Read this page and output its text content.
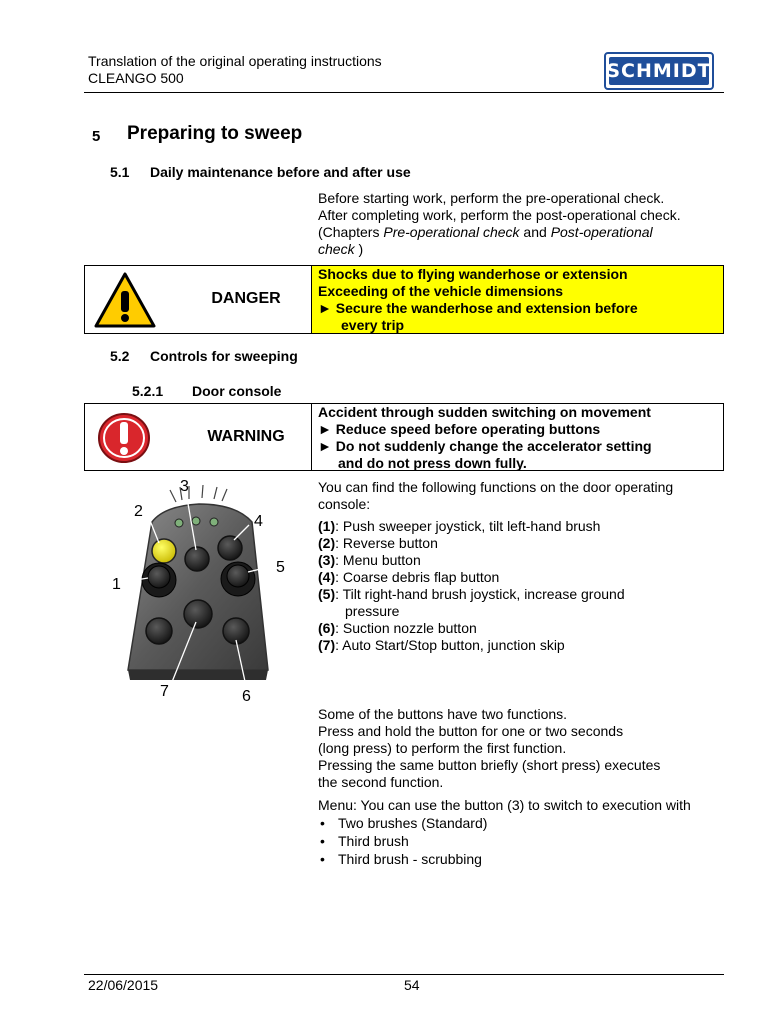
Translation of the original operating instructions
CLEANGO 500	SCHMIDT
5 Preparing to sweep
5.1 Daily maintenance before and after use
Before starting work, perform the pre-operational check.
After completing work, perform the post-operational check.
(Chapters Pre-operational check and Post-operational
check )
DANGER
Shocks due to flying wanderhose or extension
Exceeding of the vehicle dimensions
► Secure the wanderhose and extension before
every trip
5.2 Controls for sweeping
5.2.1 Door console
WARNING
Accident through sudden switching on movement
► Reduce speed before operating buttons
► Do not suddenly change the accelerator setting
and do not press down fully.
1
2
3
4
5
6
7
You can find the following functions on the door operating
console:
(1): Push sweeper joystick, tilt left-hand brush
(2): Reverse button
(3): Menu button
(4): Coarse debris flap button
(5): Tilt right-hand brush joystick, increase ground
pressure
(6): Suction nozzle button
(7): Auto Start/Stop button, junction skip
Some of the buttons have two functions.
Press and hold the button for one or two seconds
(long press) to perform the first function.
Pressing the same button briefly (short press) executes
the second function.
Menu: You can use the button (3) to switch to execution with
• Two brushes (Standard)
• Third brush
• Third brush - scrubbing
22/06/2015	54
